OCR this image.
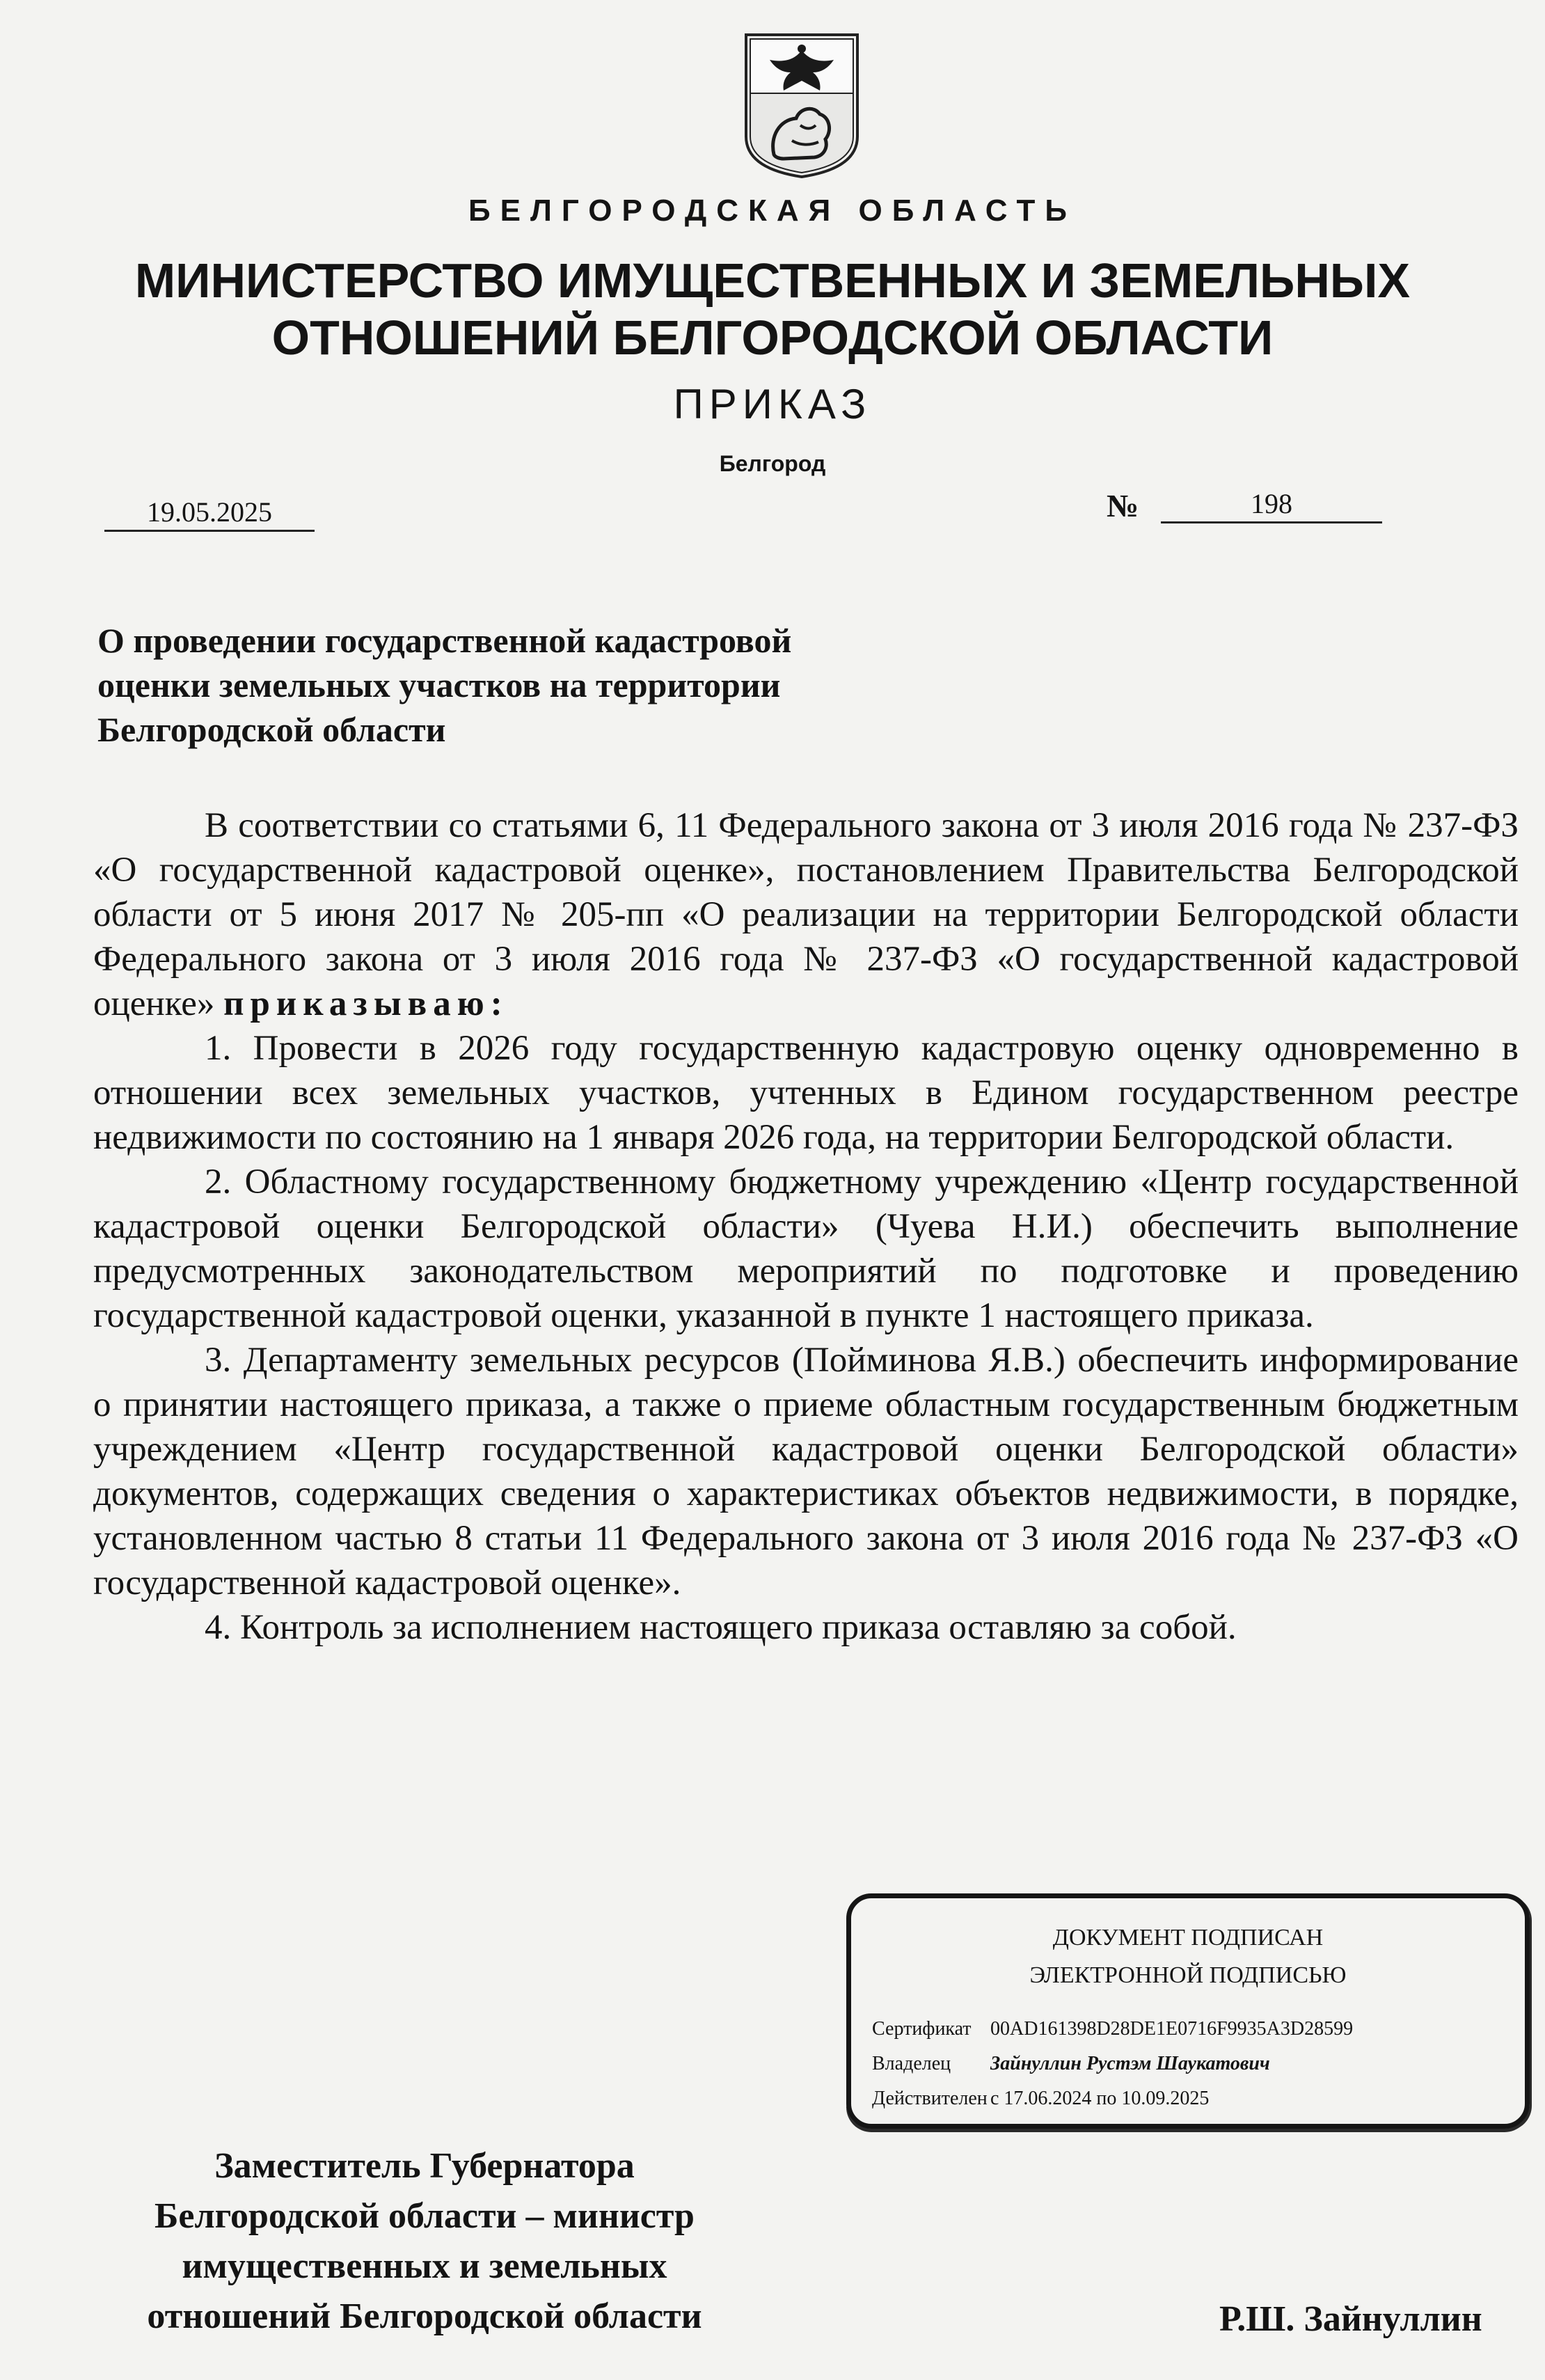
БЕЛГОРОДСКАЯ ОБЛАСТЬ
МИНИСТЕРСТВО ИМУЩЕСТВЕННЫХ И ЗЕМЕЛЬНЫХ
ОТНОШЕНИЙ БЕЛГОРОДСКОЙ ОБЛАСТИ
ПРИКАЗ
Белгород
19.05.2025	№	198
О проведении государственной кадастровой
оценки земельных участков на территории
Белгородской области

В соответствии со статьями 6, 11 Федерального закона от 3 июля 2016 года № 237-ФЗ «О государственной кадастровой оценке», постановлением Правительства Белгородской области от 5 июня 2017 № 205-пп «О реализации на территории Белгородской области Федерального закона от 3 июля 2016 года № 237-ФЗ «О государственной кадастровой оценке» приказываю:

1. Провести в 2026 году государственную кадастровую оценку одновременно в отношении всех земельных участков, учтенных в Едином государственном реестре недвижимости по состоянию на 1 января 2026 года, на территории Белгородской области.

2. Областному государственному бюджетному учреждению «Центр государственной кадастровой оценки Белгородской области» (Чуева Н.И.) обеспечить выполнение предусмотренных законодательством мероприятий по подготовке и проведению государственной кадастровой оценки, указанной в пункте 1 настоящего приказа.

3. Департаменту земельных ресурсов (Пойминова Я.В.) обеспечить информирование о принятии настоящего приказа, а также о приеме областным государственным бюджетным учреждением «Центр государственной кадастровой оценки Белгородской области» документов, содержащих сведения о характеристиках объектов недвижимости, в порядке, установленном частью 8 статьи 11 Федерального закона от 3 июля 2016 года № 237-ФЗ «О государственной кадастровой оценке».

4. Контроль за исполнением настоящего приказа оставляю за собой.

ДОКУМЕНТ ПОДПИСАН
ЭЛЕКТРОННОЙ ПОДПИСЬЮ
Сертификат 00AD161398D28DE1E0716F9935A3D28599
Владелец Зайнуллин Рустэм Шаукатович
Действителен с 17.06.2024 по 10.09.2025
Заместитель Губернатора
Белгородской области – министр
имущественных и земельных
отношений Белгородской области	Р.Ш. Зайнуллин
